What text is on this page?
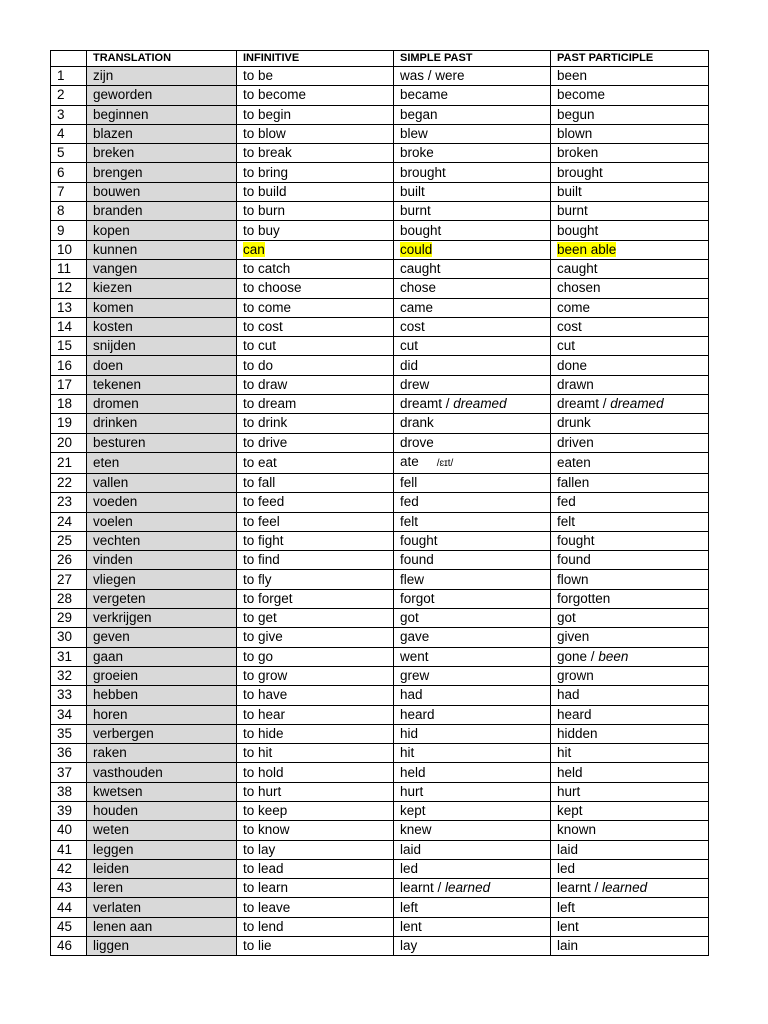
	TRANSLATION	INFINITIVE	SIMPLE PAST	PAST PARTICIPLE
1	zijn	to be	was / were	been
2	geworden	to become	became	become
3	beginnen	to begin	began	begun
4	blazen	to blow	blew	blown
5	breken	to break	broke	broken
6	brengen	to bring	brought	brought
7	bouwen	to build	built	built
8	branden	to burn	burnt	burnt
9	kopen	to buy	bought	bought
10	kunnen	can	could	been able
11	vangen	to catch	caught	caught
12	kiezen	to choose	chose	chosen
13	komen	to come	came	come
14	kosten	to cost	cost	cost
15	snijden	to cut	cut	cut
16	doen	to do	did	done
17	tekenen	to draw	drew	drawn
18	dromen	to dream	dreamt / dreamed	dreamt / dreamed
19	drinken	to drink	drank	drunk
20	besturen	to drive	drove	driven
21	eten	to eat	ate /ɛɪt/	eaten
22	vallen	to fall	fell	fallen
23	voeden	to feed	fed	fed
24	voelen	to feel	felt	felt
25	vechten	to fight	fought	fought
26	vinden	to find	found	found
27	vliegen	to fly	flew	flown
28	vergeten	to forget	forgot	forgotten
29	verkrijgen	to get	got	got
30	geven	to give	gave	given
31	gaan	to go	went	gone / been
32	groeien	to grow	grew	grown
33	hebben	to have	had	had
34	horen	to hear	heard	heard
35	verbergen	to hide	hid	hidden
36	raken	to hit	hit	hit
37	vasthouden	to hold	held	held
38	kwetsen	to hurt	hurt	hurt
39	houden	to keep	kept	kept
40	weten	to know	knew	known
41	leggen	to lay	laid	laid
42	leiden	to lead	led	led
43	leren	to learn	learnt / learned	learnt / learned
44	verlaten	to leave	left	left
45	lenen aan	to lend	lent	lent
46	liggen	to lie	lay	lain
